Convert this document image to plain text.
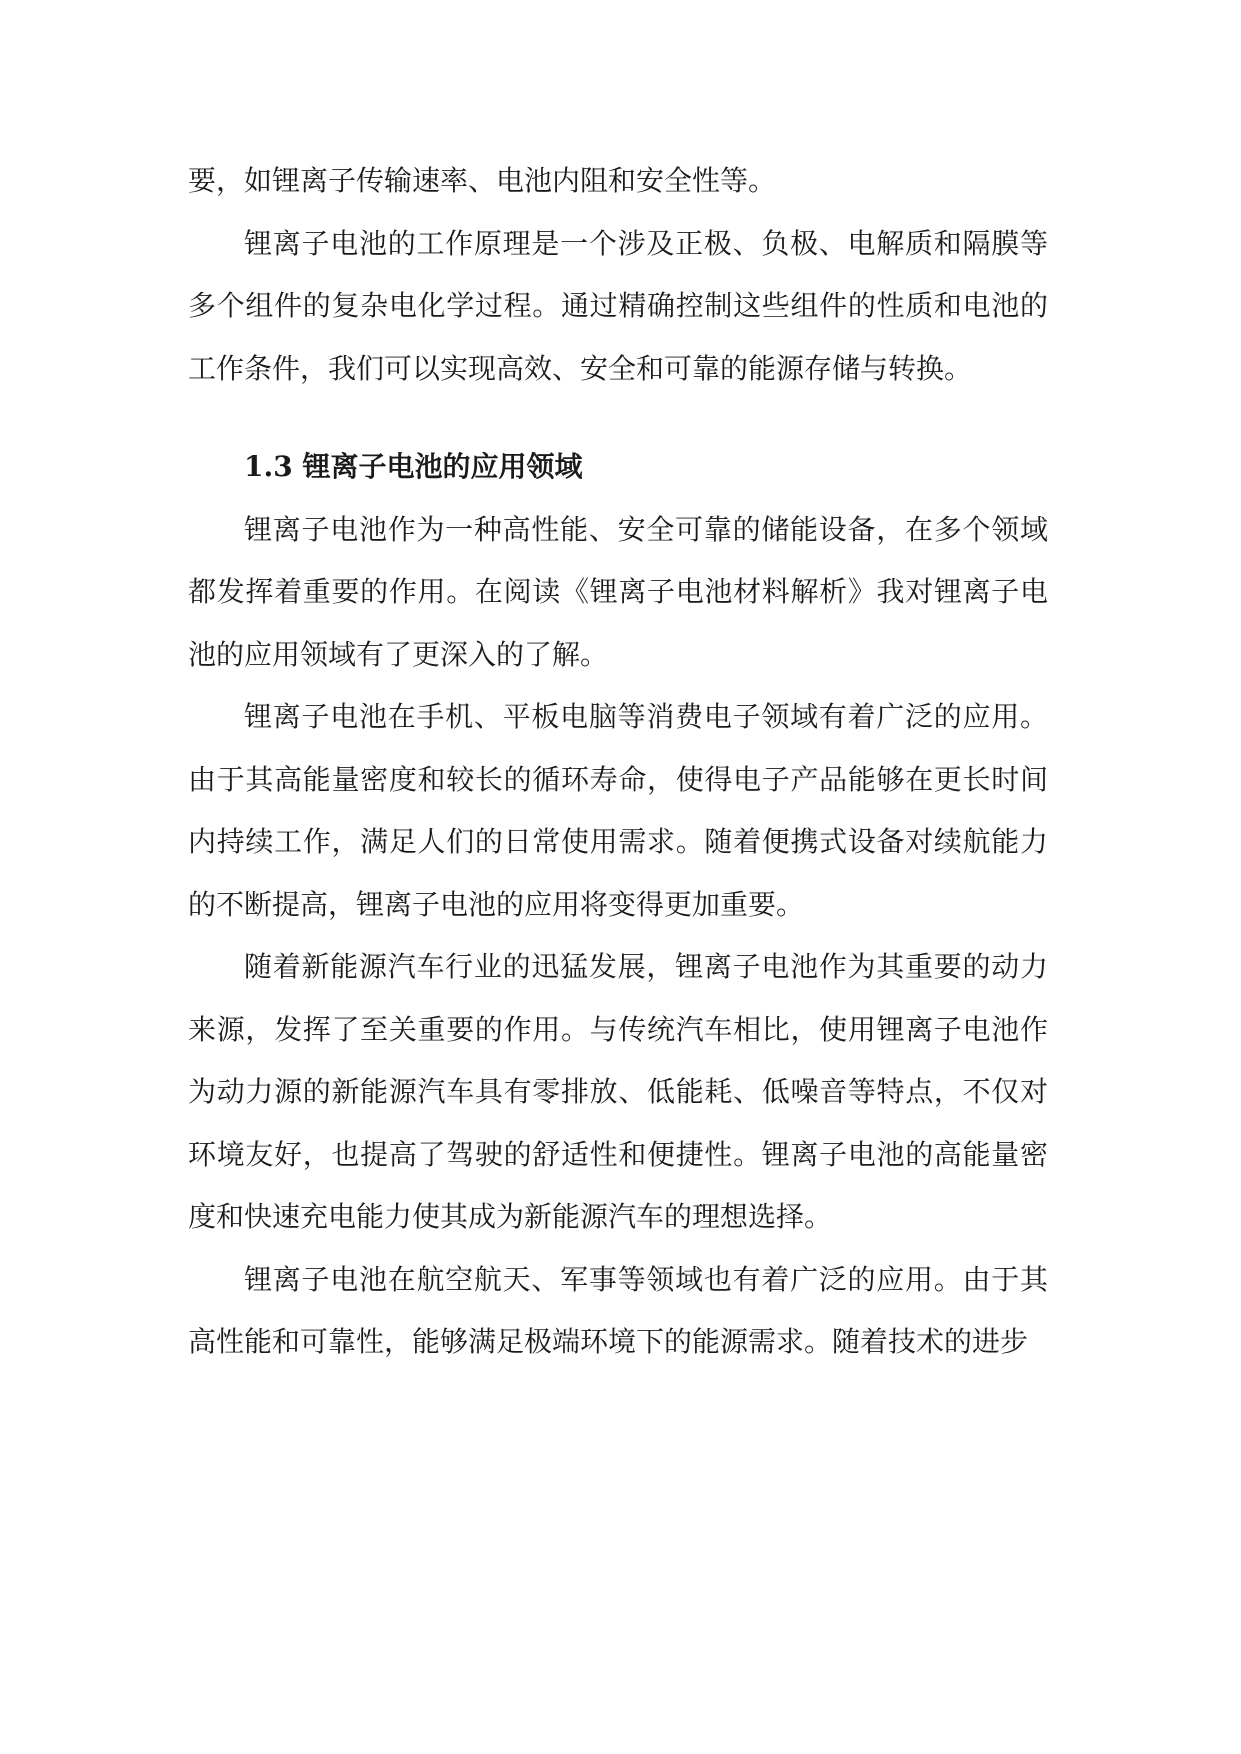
要，如锂离子传输速率、电池内阻和安全性等。

锂离子电池的工作原理是一个涉及正极、负极、电解质和隔膜等多个组件的复杂电化学过程。通过精确控制这些组件的性质和电池的工作条件，我们可以实现高效、安全和可靠的能源存储与转换。

1.3 锂离子电池的应用领域

锂离子电池作为一种高性能、安全可靠的储能设备，在多个领域都发挥着重要的作用。在阅读《锂离子电池材料解析》我对锂离子电池的应用领域有了更深入的了解。

锂离子电池在手机、平板电脑等消费电子领域有着广泛的应用。由于其高能量密度和较长的循环寿命，使得电子产品能够在更长时间内持续工作，满足人们的日常使用需求。随着便携式设备对续航能力的不断提高，锂离子电池的应用将变得更加重要。

随着新能源汽车行业的迅猛发展，锂离子电池作为其重要的动力来源，发挥了至关重要的作用。与传统汽车相比，使用锂离子电池作为动力源的新能源汽车具有零排放、低能耗、低噪音等特点，不仅对环境友好，也提高了驾驶的舒适性和便捷性。锂离子电池的高能量密度和快速充电能力使其成为新能源汽车的理想选择。

锂离子电池在航空航天、军事等领域也有着广泛的应用。由于其高性能和可靠性，能够满足极端环境下的能源需求。随着技术的进步
